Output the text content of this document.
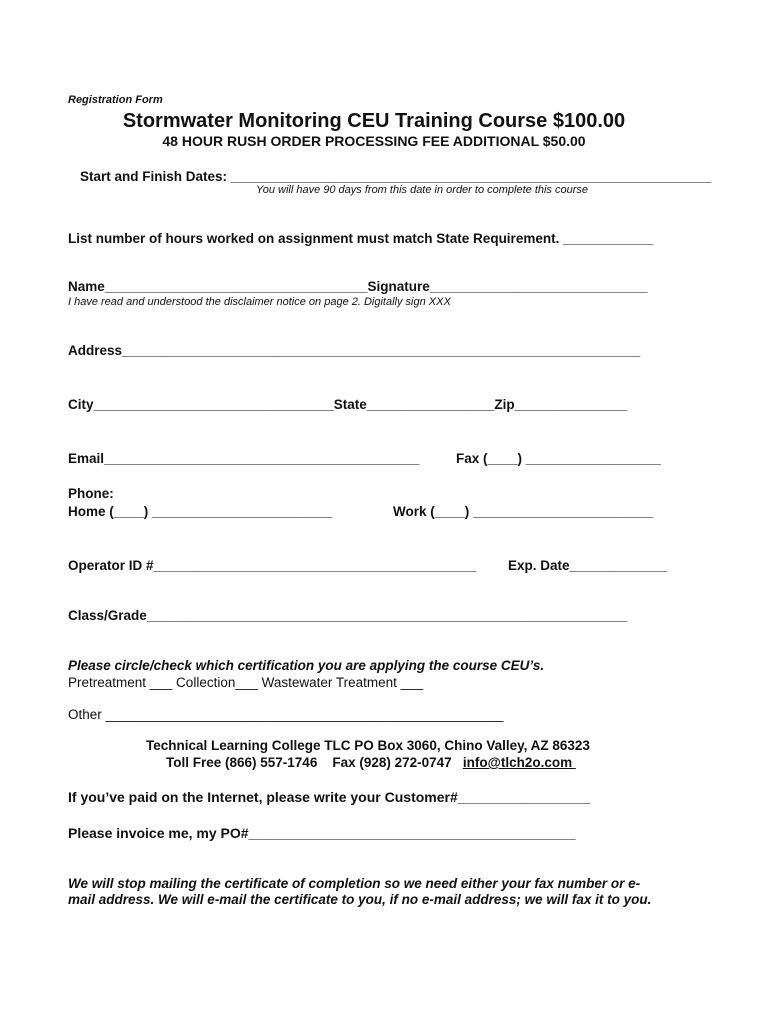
Registration Form
Stormwater Monitoring CEU Training Course $100.00
48 HOUR RUSH ORDER PROCESSING FEE ADDITIONAL $50.00
Start and Finish Dates: ________________________________________________________________
You will have 90 days from this date in order to complete this course
List number of hours worked on assignment must match State Requirement. ____________
Name___________________________________Signature_____________________________
I have read and understood the disclaimer notice on page 2. Digitally sign XXX
Address_____________________________________________________________________
City________________________________State_________________Zip_______________
Email__________________________________________	Fax (____) __________________
Phone:
Home (____) ________________________	Work (____) ________________________
Operator ID #___________________________________________ Exp. Date_____________
Class/Grade________________________________________________________________
Please circle/check which certification you are applying the course CEU’s.
Pretreatment ___ Collection___ Wastewater Treatment ___
Other _____________________________________________________
Technical Learning College TLC PO Box 3060, Chino Valley, AZ 86323
Toll Free (866) 557-1746    Fax (928) 272-0747   info@tlch2o.com
If you’ve paid on the Internet, please write your Customer#_________________
Please invoice me, my PO#__________________________________________
We will stop mailing the certificate of completion so we need either your fax number or e-
mail address. We will e-mail the certificate to you, if no e-mail address; we will fax it to you.
